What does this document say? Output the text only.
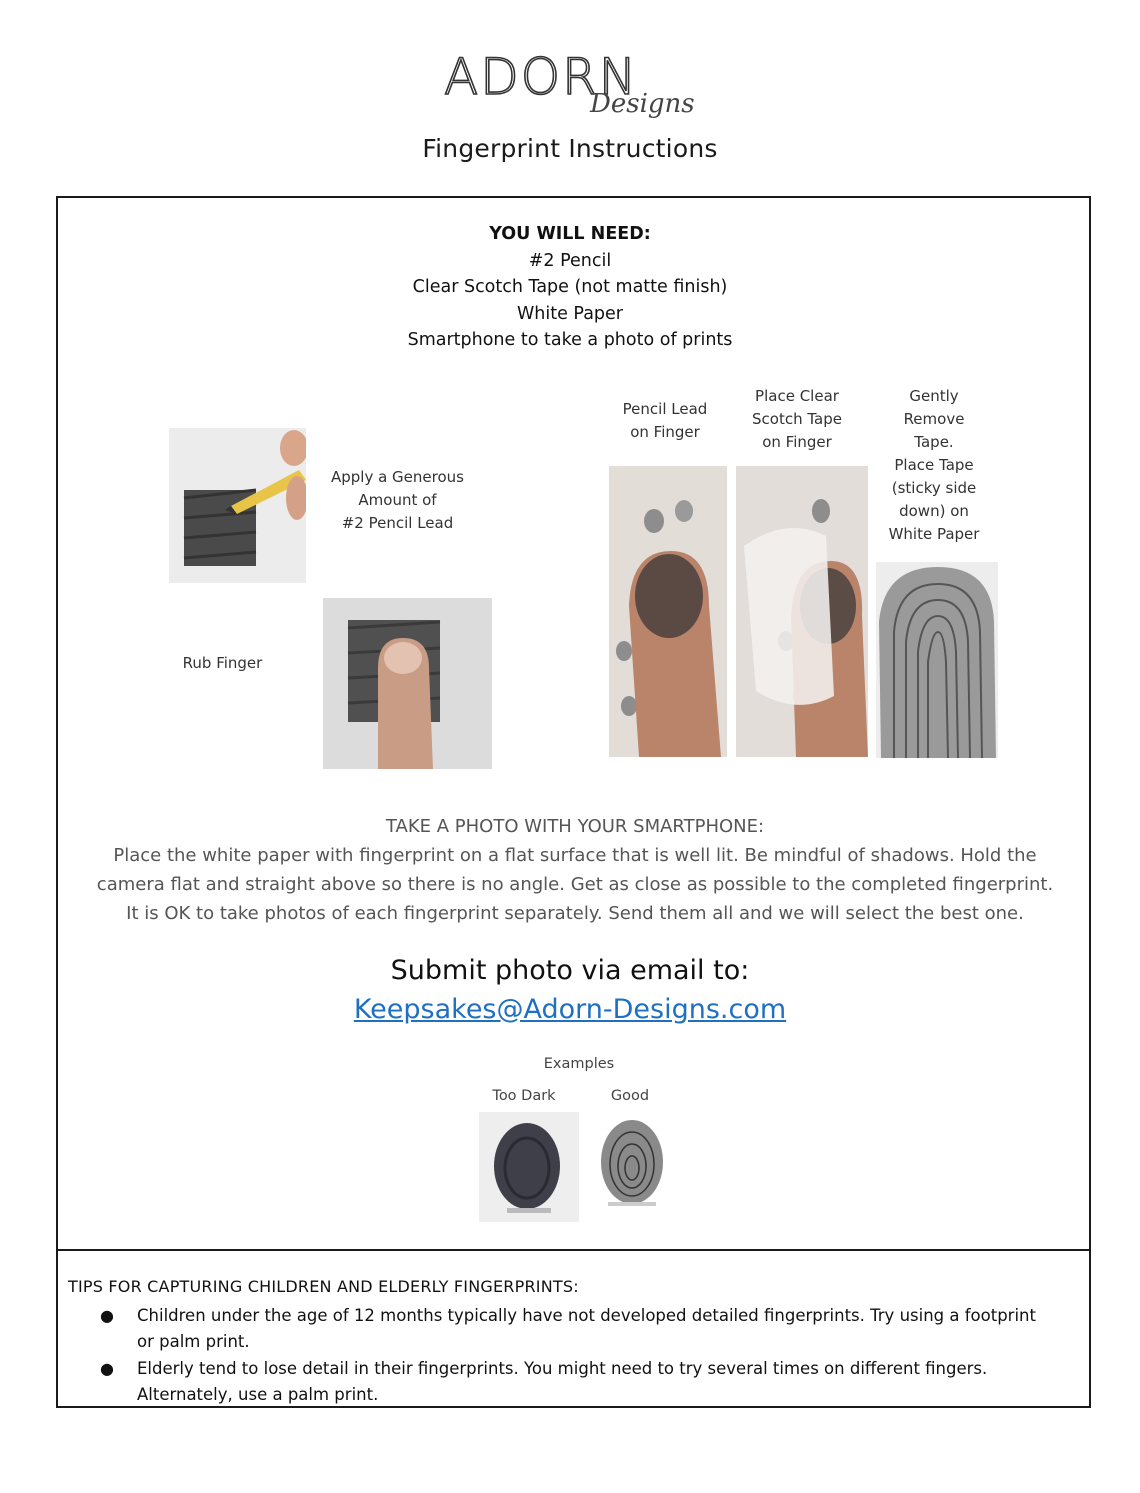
ADORN
Designs
Fingerprint Instructions
YOU WILL NEED:
#2 Pencil
Clear Scotch Tape (not matte finish)
White Paper
Smartphone to take a photo of prints
Apply a Generous
Amount of
#2 Pencil Lead
Rub Finger
Pencil Lead
on Finger
Place Clear
Scotch Tape
on Finger
Gently
Remove
Tape.
Place Tape
(sticky side
down) on
White Paper
TAKE A PHOTO WITH YOUR SMARTPHONE:
Place the white paper with fingerprint on a flat surface that is well lit. Be mindful of shadows. Hold the
camera flat and straight above so there is no angle. Get as close as possible to the completed fingerprint.
It is OK to take photos of each fingerprint separately. Send them all and we will select the best one.
Submit photo via email to:
Keepsakes@Adorn-Designs.com
Examples
Too Dark	Good
TIPS FOR CAPTURING CHILDREN AND ELDERLY FINGERPRINTS:
● Children under the age of 12 months typically have not developed detailed fingerprints. Try using a footprint
or palm print.
● Elderly tend to lose detail in their fingerprints. You might need to try several times on different fingers.
Alternately, use a palm print.
